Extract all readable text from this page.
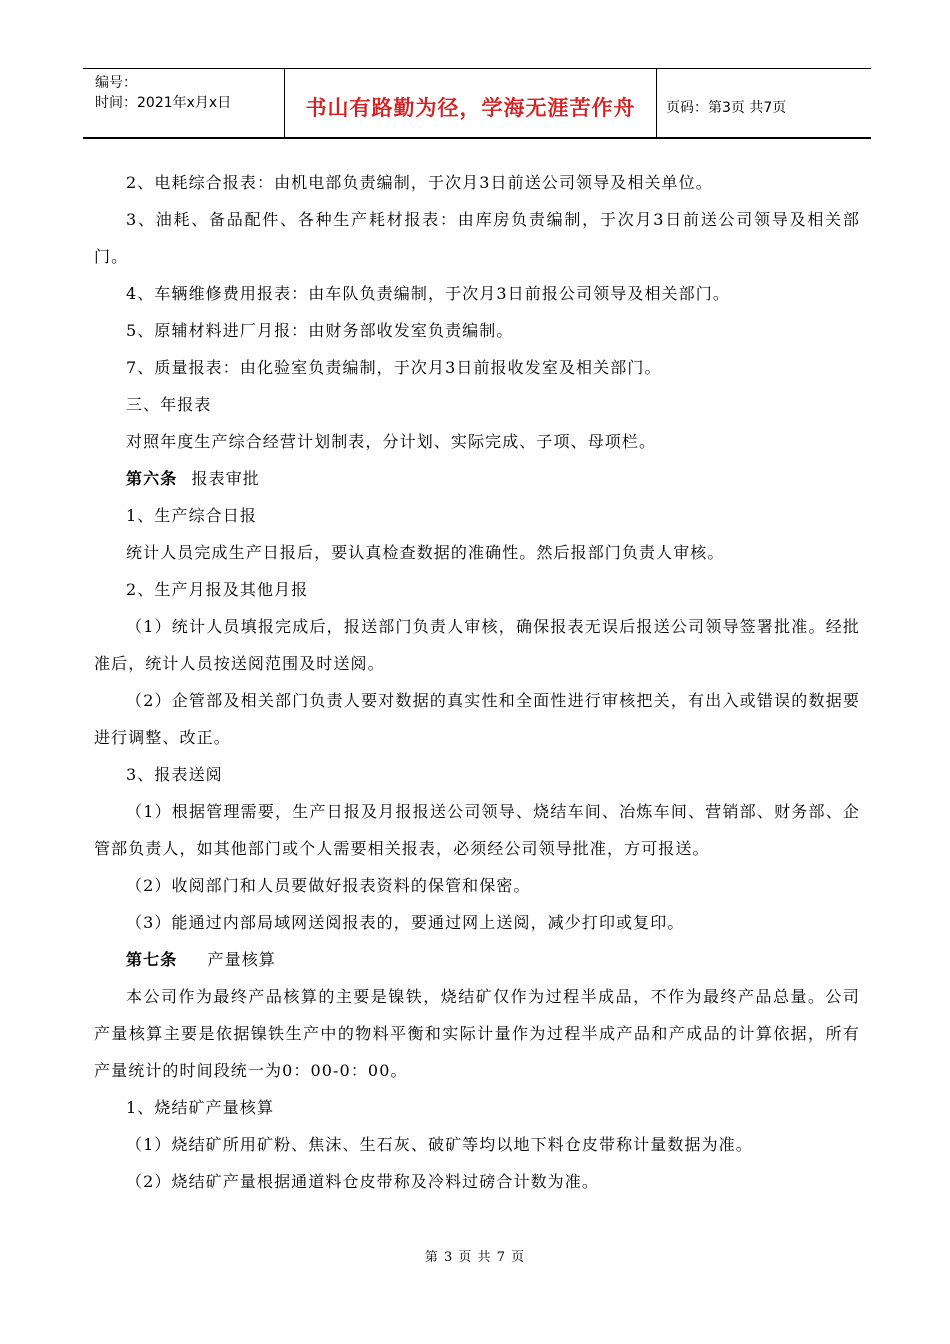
编号：
时间：2021年x月x日	书山有路勤为径，学海无涯苦作舟	页码：第3页 共7页
2、电耗综合报表：由机电部负责编制，于次月3日前送公司领导及相关单位。
3、油耗、备品配件、各种生产耗材报表：由库房负责编制，于次月3日前送公司领导及相关部门。
4、车辆维修费用报表：由车队负责编制，于次月3日前报公司领导及相关部门。
5、原辅材料进厂月报：由财务部收发室负责编制。
7、质量报表：由化验室负责编制，于次月3日前报收发室及相关部门。
三、年报表
对照年度生产综合经营计划制表，分计划、实际完成、子项、母项栏。
第六条 报表审批
1、生产综合日报
统计人员完成生产日报后，要认真检查数据的准确性。然后报部门负责人审核。
2、生产月报及其他月报
（1）统计人员填报完成后，报送部门负责人审核，确保报表无误后报送公司领导签署批准。经批准后，统计人员按送阅范围及时送阅。
（2）企管部及相关部门负责人要对数据的真实性和全面性进行审核把关，有出入或错误的数据要进行调整、改正。
3、报表送阅
（1）根据管理需要，生产日报及月报报送公司领导、烧结车间、冶炼车间、营销部、财务部、企管部负责人，如其他部门或个人需要相关报表，必须经公司领导批准，方可报送。
（2）收阅部门和人员要做好报表资料的保管和保密。
（3）能通过内部局域网送阅报表的，要通过网上送阅，减少打印或复印。
第七条 产量核算
本公司作为最终产品核算的主要是镍铁，烧结矿仅作为过程半成品，不作为最终产品总量。公司产量核算主要是依据镍铁生产中的物料平衡和实际计量作为过程半成产品和产成品的计算依据，所有产量统计的时间段统一为0：00-0：00。
1、烧结矿产量核算
（1）烧结矿所用矿粉、焦沫、生石灰、破矿等均以地下料仓皮带称计量数据为准。
（2）烧结矿产量根据通道料仓皮带称及冷料过磅合计数为准。
第 3 页 共 7 页
